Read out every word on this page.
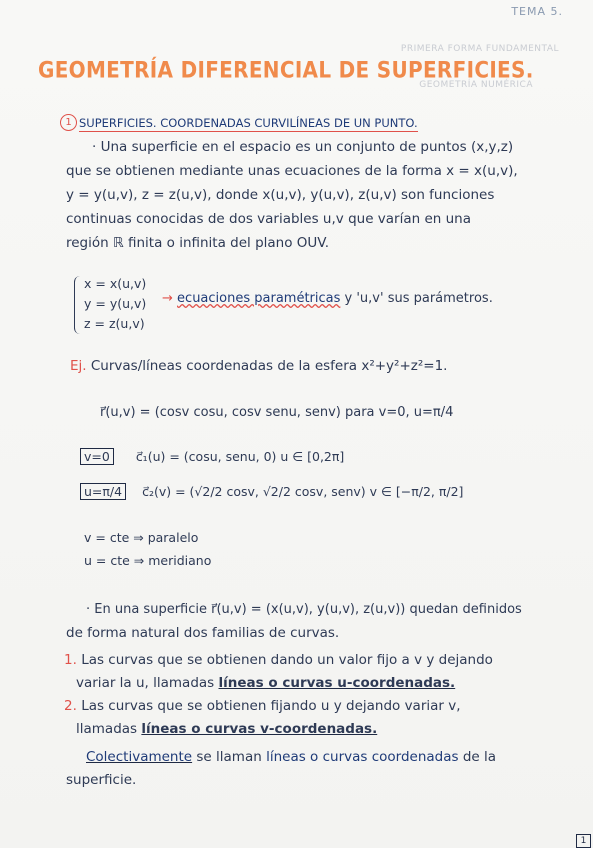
TEMA 5.
PRIMERA FORMA FUNDAMENTAL
GEOMETRÍA NUMÉRICA
GEOMETRÍA DIFERENCIAL DE SUPERFICIES.
1 SUPERFICIES. COORDENADAS CURVILÍNEAS DE UN PUNTO.
· Una superficie en el espacio es un conjunto de puntos (x,y,z)
que se obtienen mediante unas ecuaciones de la forma x = x(u,v),
y = y(u,v), z = z(u,v), donde x(u,v), y(u,v), z(u,v) son funciones
continuas conocidas de dos variables u,v que varían en una
región ℝ finita o infinita del plano OUV.
x = x(u,v)
y = y(u,v)
z = z(u,v)
→ ecuaciones paramétricas y 'u,v' sus parámetros.
Ej. Curvas/líneas coordenadas de la esfera x²+y²+z²=1.
r⃗(u,v) = (cosv cosu, cosv senu, senv) para v=0, u=π/4
v=0 c⃗₁(u) = (cosu, senu, 0) u ∈ [0,2π]
u=π/4 c⃗₂(v) = (√2/2 cosv, √2/2 cosv, senv) v ∈ [−π/2, π/2]
v = cte ⇒ paralelo
u = cte ⇒ meridiano
· En una superficie r⃗(u,v) = (x(u,v), y(u,v), z(u,v)) quedan definidos
de forma natural dos familias de curvas.
1. Las curvas que se obtienen dando un valor fijo a v y dejando
variar la u, llamadas líneas o curvas u-coordenadas.
2. Las curvas que se obtienen fijando u y dejando variar v,
llamadas líneas o curvas v-coordenadas.
Colectivamente se llaman líneas o curvas coordenadas de la
superficie.
1
